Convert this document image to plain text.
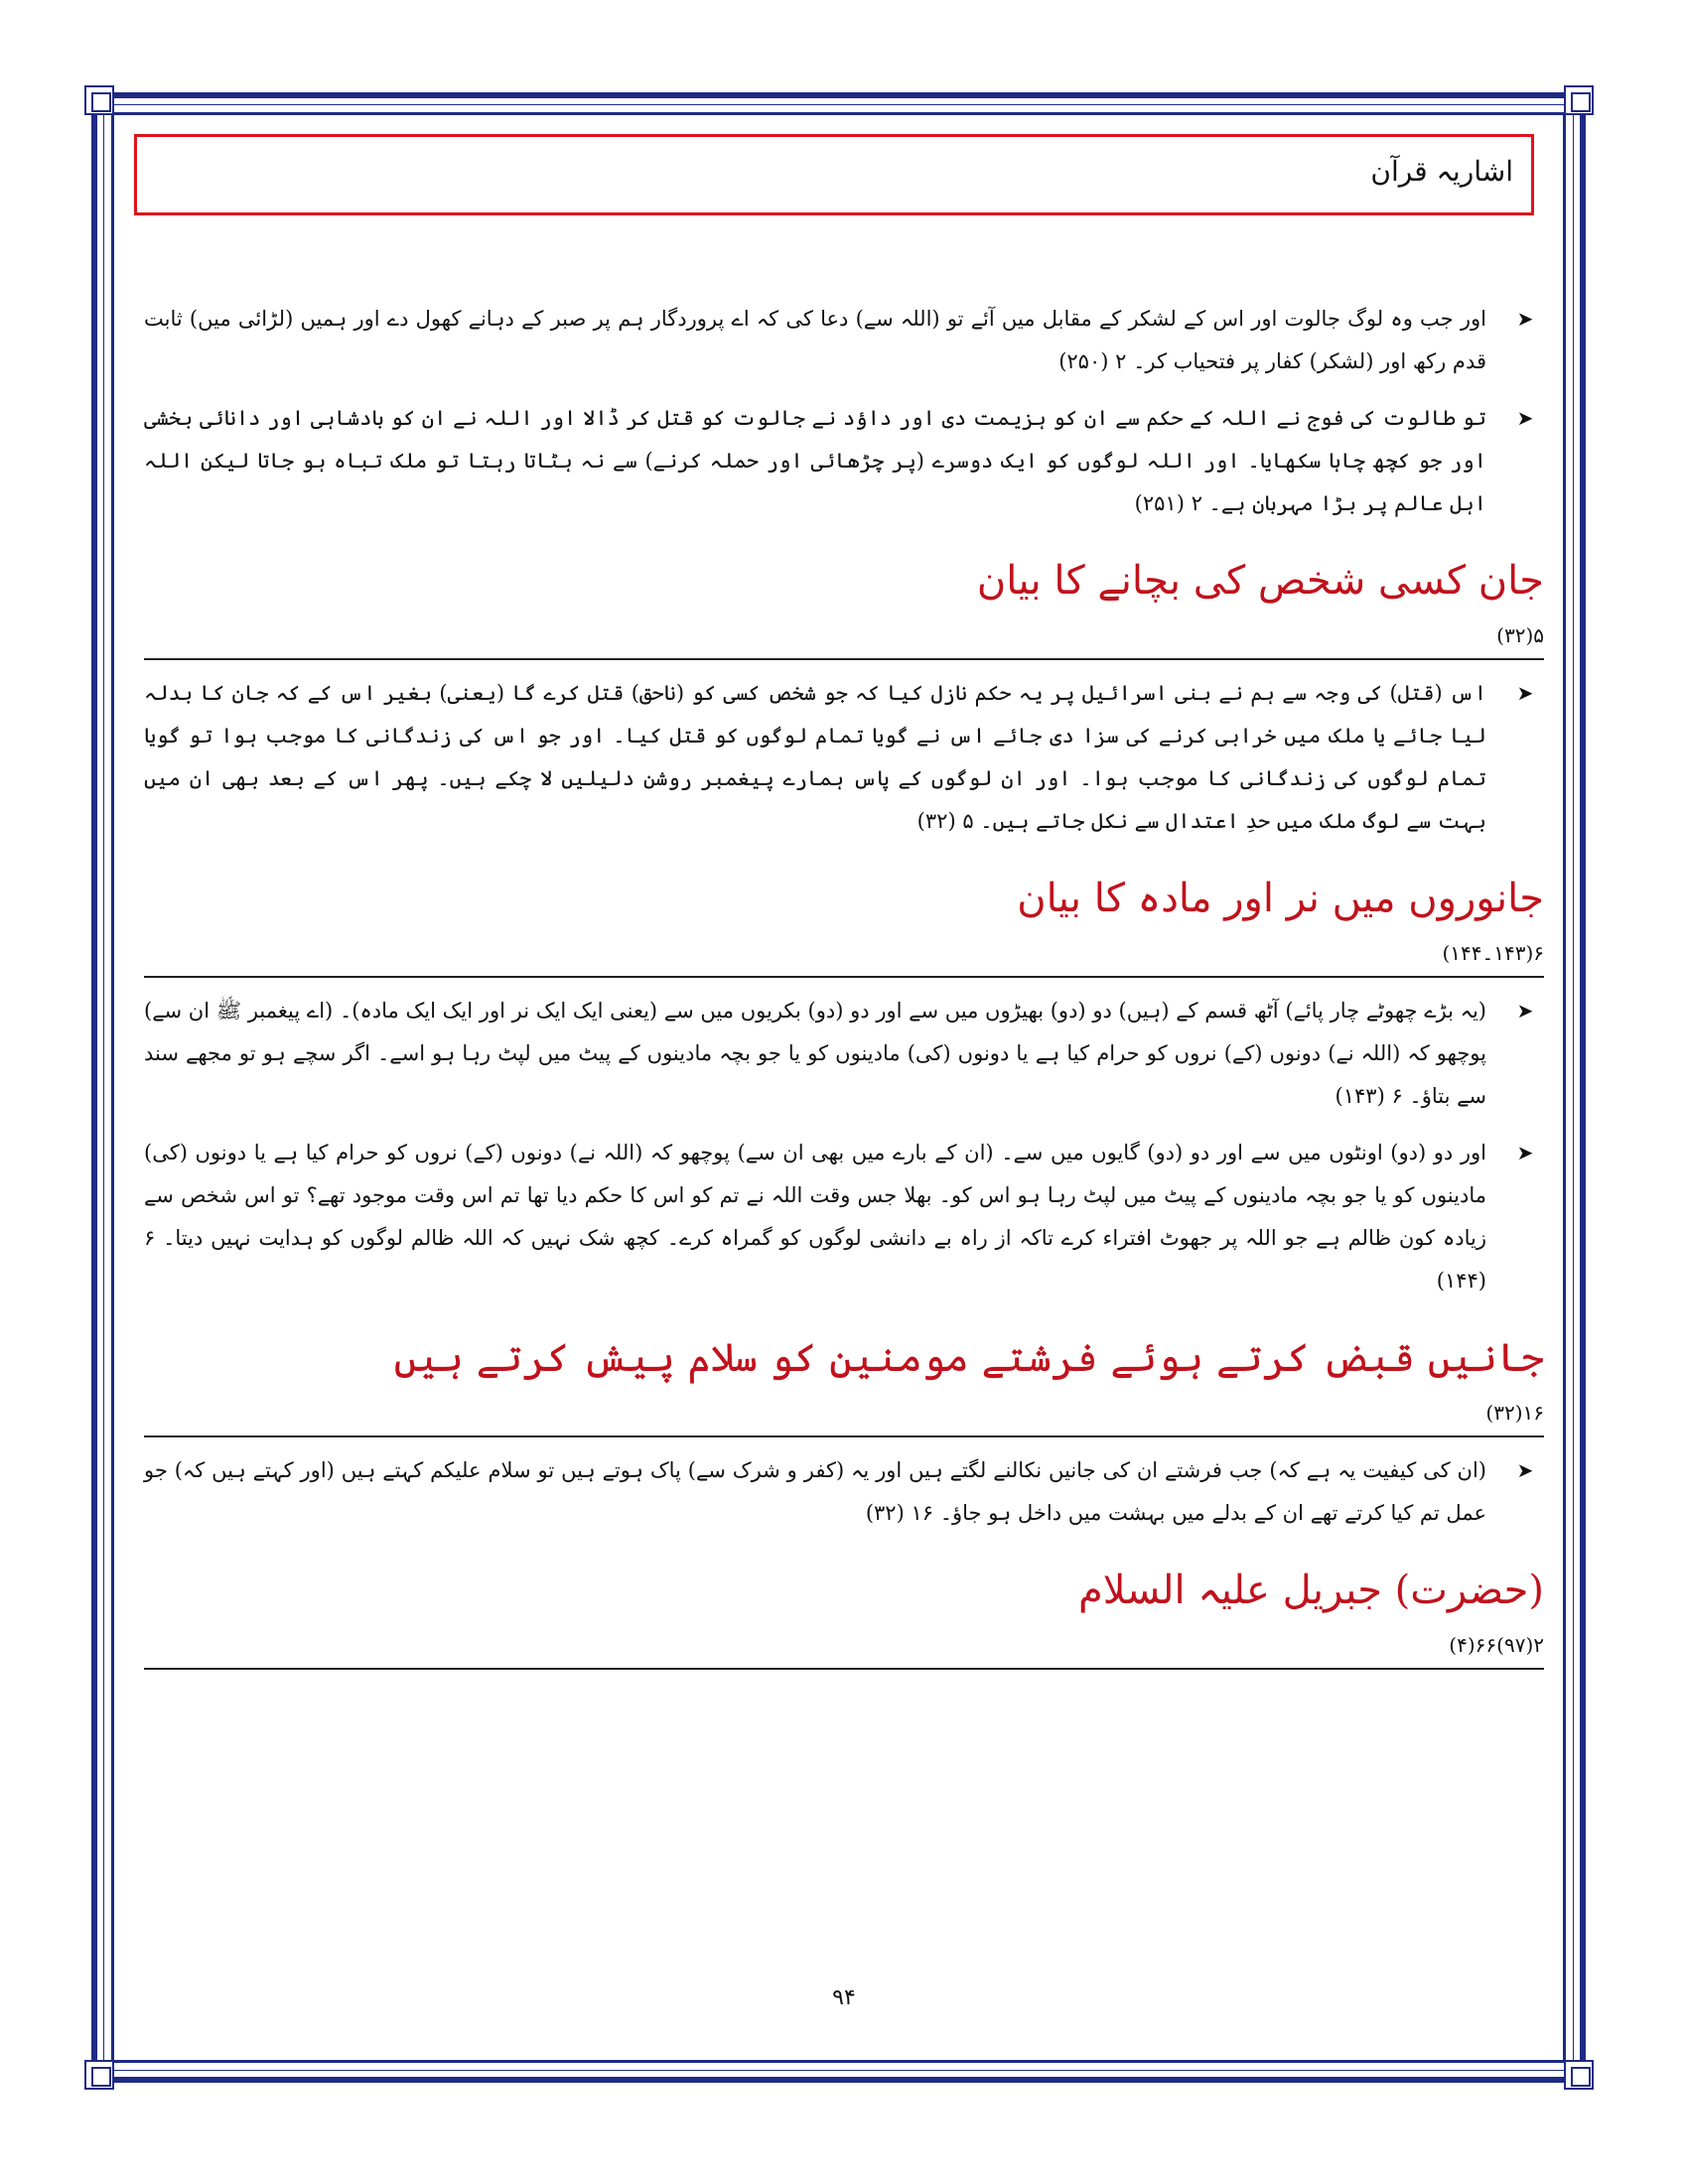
اشاریہ قرآن
➤
اور جب وہ لوگ جالوت اور اس کے لشکر کے مقابل میں آئے تو (اللہ سے) دعا کی کہ اے پروردگار ہم پر صبر کے دہانے کھول دے اور ہمیں (لڑائی میں) ثابت قدم رکھ اور (لشکر) کفار پر فتحیاب کر۔ ۲ (۲۵۰)
➤
تو طالوت کی فوج نے اللہ کے حکم سے ان کو ہزیمت دی اور داؤد نے جالوت کو قتل کر ڈالا اور اللہ نے ان کو بادشاہی اور دانائی بخشی اور جو کچھ چاہا سکھایا۔ اور اللہ لوگوں کو ایک دوسرے (پر چڑھائی اور حملہ کرنے) سے نہ ہٹاتا رہتا تو ملک تباہ ہو جاتا لیکن اللہ اہل عالم پر بڑا مہربان ہے۔ ۲ (۲۵۱)
جان کسی شخص کی بچانے کا بیان
۵(۳۲)
➤
اس (قتل) کی وجہ سے ہم نے بنی اسرائیل پر یہ حکم نازل کیا کہ جو شخص کسی کو (ناحق) قتل کرے گا (یعنی) بغیر اس کے کہ جان کا بدلہ لیا جائے یا ملک میں خرابی کرنے کی سزا دی جائے اس نے گویا تمام لوگوں کو قتل کیا۔ اور جو اس کی زندگانی کا موجب ہوا تو گویا تمام لوگوں کی زندگانی کا موجب ہوا۔ اور ان لوگوں کے پاس ہمارے پیغمبر روشن دلیلیں لا چکے ہیں۔ پھر اس کے بعد بھی ان میں بہت سے لوگ ملک میں حدِ اعتدال سے نکل جاتے ہیں۔ ۵ (۳۲)
جانوروں میں نر اور مادہ کا بیان
۶(۱۴۳۔۱۴۴)
➤
(یہ بڑے چھوٹے چار پائے) آٹھ قسم کے (ہیں) دو (دو) بھیڑوں میں سے اور دو (دو) بکریوں میں سے (یعنی ایک ایک نر اور ایک ایک مادہ)۔ (اے پیغمبر ﷺ ان سے) پوچھو کہ (اللہ نے) دونوں (کے) نروں کو حرام کیا ہے یا دونوں (کی) مادینوں کو یا جو بچہ مادینوں کے پیٹ میں لپٹ رہا ہو اسے۔ اگر سچے ہو تو مجھے سند سے بتاؤ۔ ۶ (۱۴۳)
➤
اور دو (دو) اونٹوں میں سے اور دو (دو) گایوں میں سے۔ (ان کے بارے میں بھی ان سے) پوچھو کہ (اللہ نے) دونوں (کے) نروں کو حرام کیا ہے یا دونوں (کی) مادینوں کو یا جو بچہ مادینوں کے پیٹ میں لپٹ رہا ہو اس کو۔ بھلا جس وقت اللہ نے تم کو اس کا حکم دیا تھا تم اس وقت موجود تھے؟ تو اس شخص سے زیادہ کون ظالم ہے جو اللہ پر جھوٹ افتراء کرے تاکہ از راہ بے دانشی لوگوں کو گمراہ کرے۔ کچھ شک نہیں کہ اللہ ظالم لوگوں کو ہدایت نہیں دیتا۔ ۶ (۱۴۴)
جانیں قبض کرتے ہوئے فرشتے مومنین کو سلام پیش کرتے ہیں
۱۶(۳۲)
➤
(ان کی کیفیت یہ ہے کہ) جب فرشتے ان کی جانیں نکالنے لگتے ہیں اور یہ (کفر و شرک سے) پاک ہوتے ہیں تو سلام علیکم کہتے ہیں (اور کہتے ہیں کہ) جو عمل تم کیا کرتے تھے ان کے بدلے میں بہشت میں داخل ہو جاؤ۔ ۱۶ (۳۲)
(حضرت) جبریل علیہ السلام
۲(۹۷)۶۶(۴)
۹۴
